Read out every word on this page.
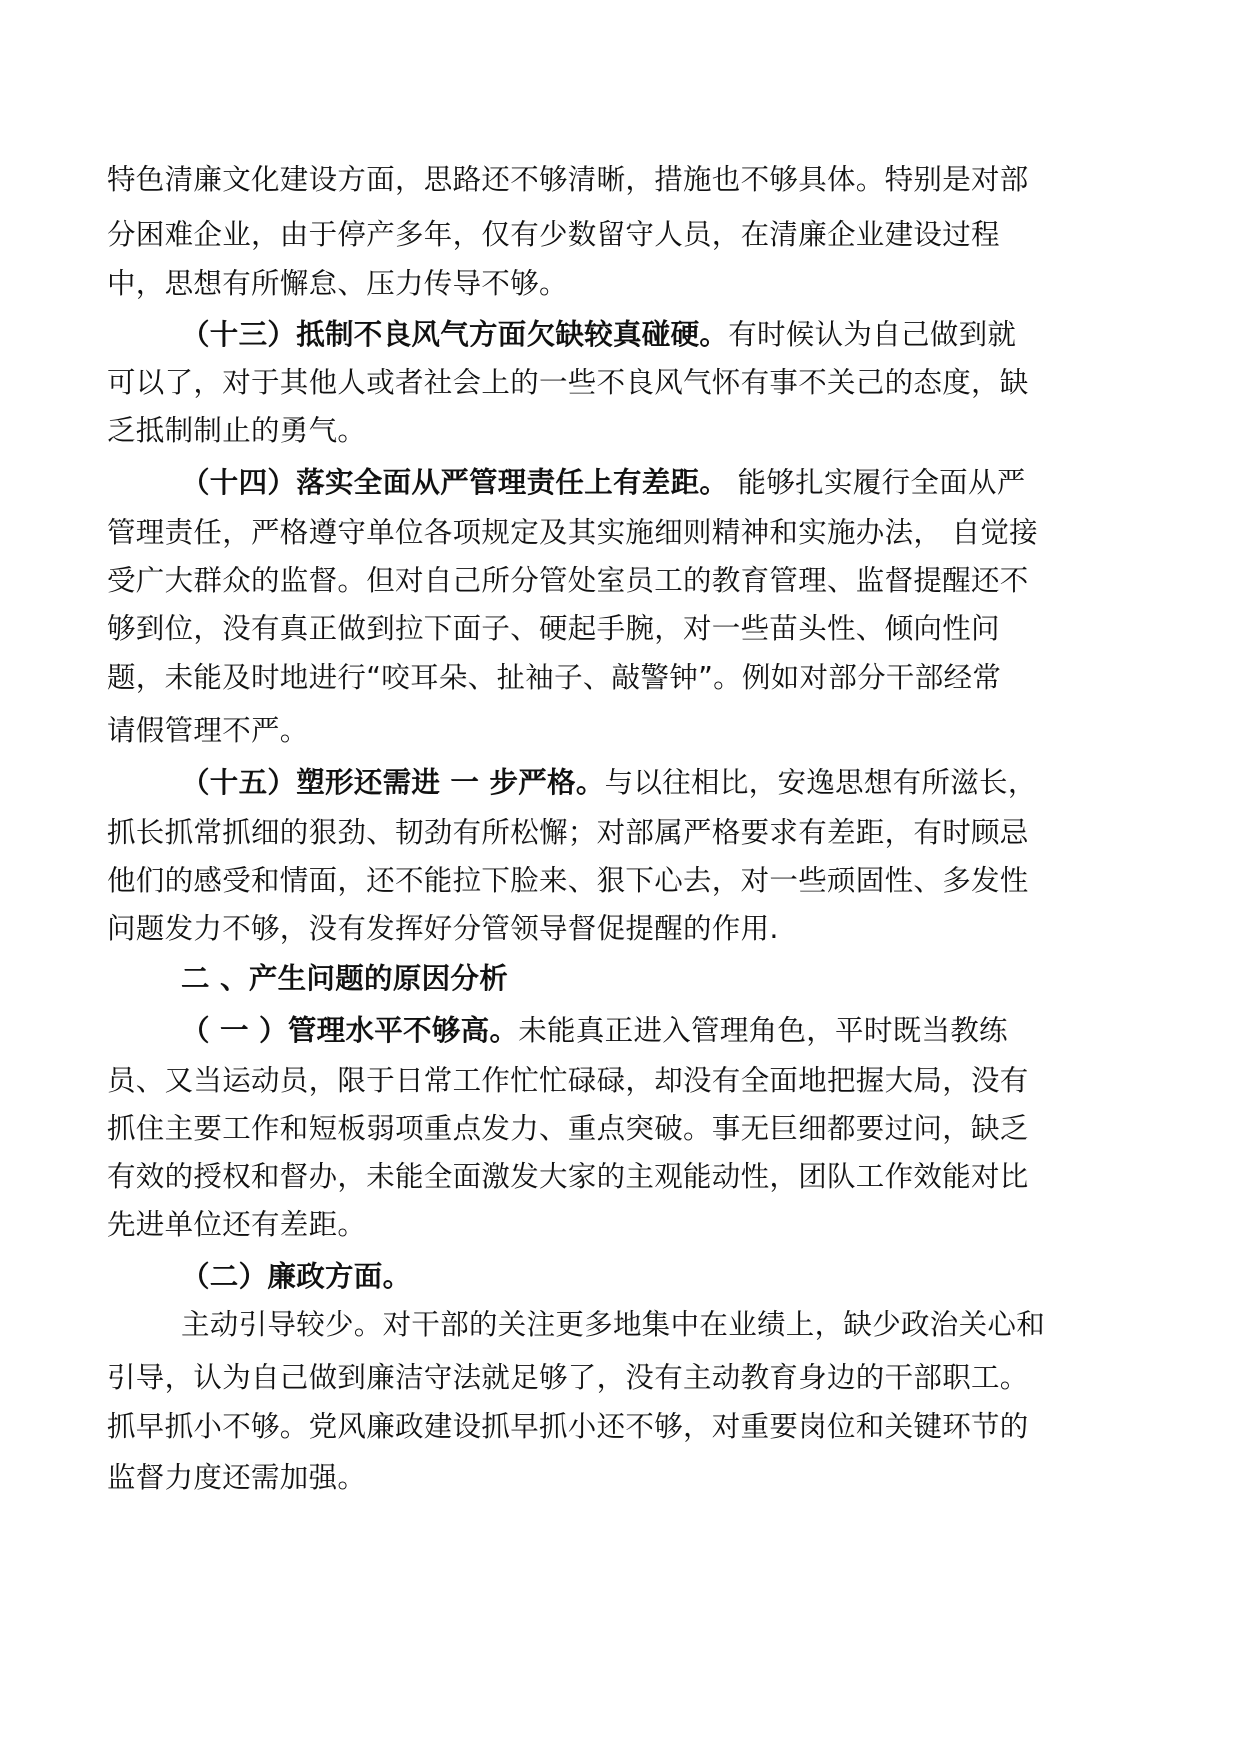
特色清廉文化建设方面，思路还不够清晰，措施也不够具体。特别是对部
分困难企业，由于停产多年，仅有少数留守人员，在清廉企业建设过程
中，思想有所懈怠、压力传导不够。
（十三）抵制不良风气方面欠缺较真碰硬。有时候认为自己做到就
可以了，对于其他人或者社会上的一些不良风气怀有事不关己的态度，缺
乏抵制制止的勇气。
（十四）落实全面从严管理责任上有差距。 能够扎实履行全面从严
管理责任，严格遵守单位各项规定及其实施细则精神和实施办法， 自觉接
受广大群众的监督。但对自己所分管处室员工的教育管理、监督提醒还不
够到位，没有真正做到拉下面子、硬起手腕，对一些苗头性、倾向性问
题，未能及时地进行“咬耳朵、扯袖子、敲警钟”。例如对部分干部经常
请假管理不严。
（十五）塑形还需进 一 步严格。与以往相比，安逸思想有所滋长，
抓长抓常抓细的狠劲、韧劲有所松懈；对部属严格要求有差距，有时顾忌
他们的感受和情面，还不能拉下脸来、狠下心去，对一些顽固性、多发性
问题发力不够，没有发挥好分管领导督促提醒的作用.
二 、产生问题的原因分析
（ 一 ）管理水平不够高。未能真正进入管理角色，平时既当教练
员、又当运动员，限于日常工作忙忙碌碌，却没有全面地把握大局，没有
抓住主要工作和短板弱项重点发力、重点突破。事无巨细都要过问，缺乏
有效的授权和督办，未能全面激发大家的主观能动性，团队工作效能对比
先进单位还有差距。
（二）廉政方面。
主动引导较少。对干部的关注更多地集中在业绩上，缺少政治关心和
引导，认为自己做到廉洁守法就足够了，没有主动教育身边的干部职工。
抓早抓小不够。党风廉政建设抓早抓小还不够，对重要岗位和关键环节的
监督力度还需加强。
